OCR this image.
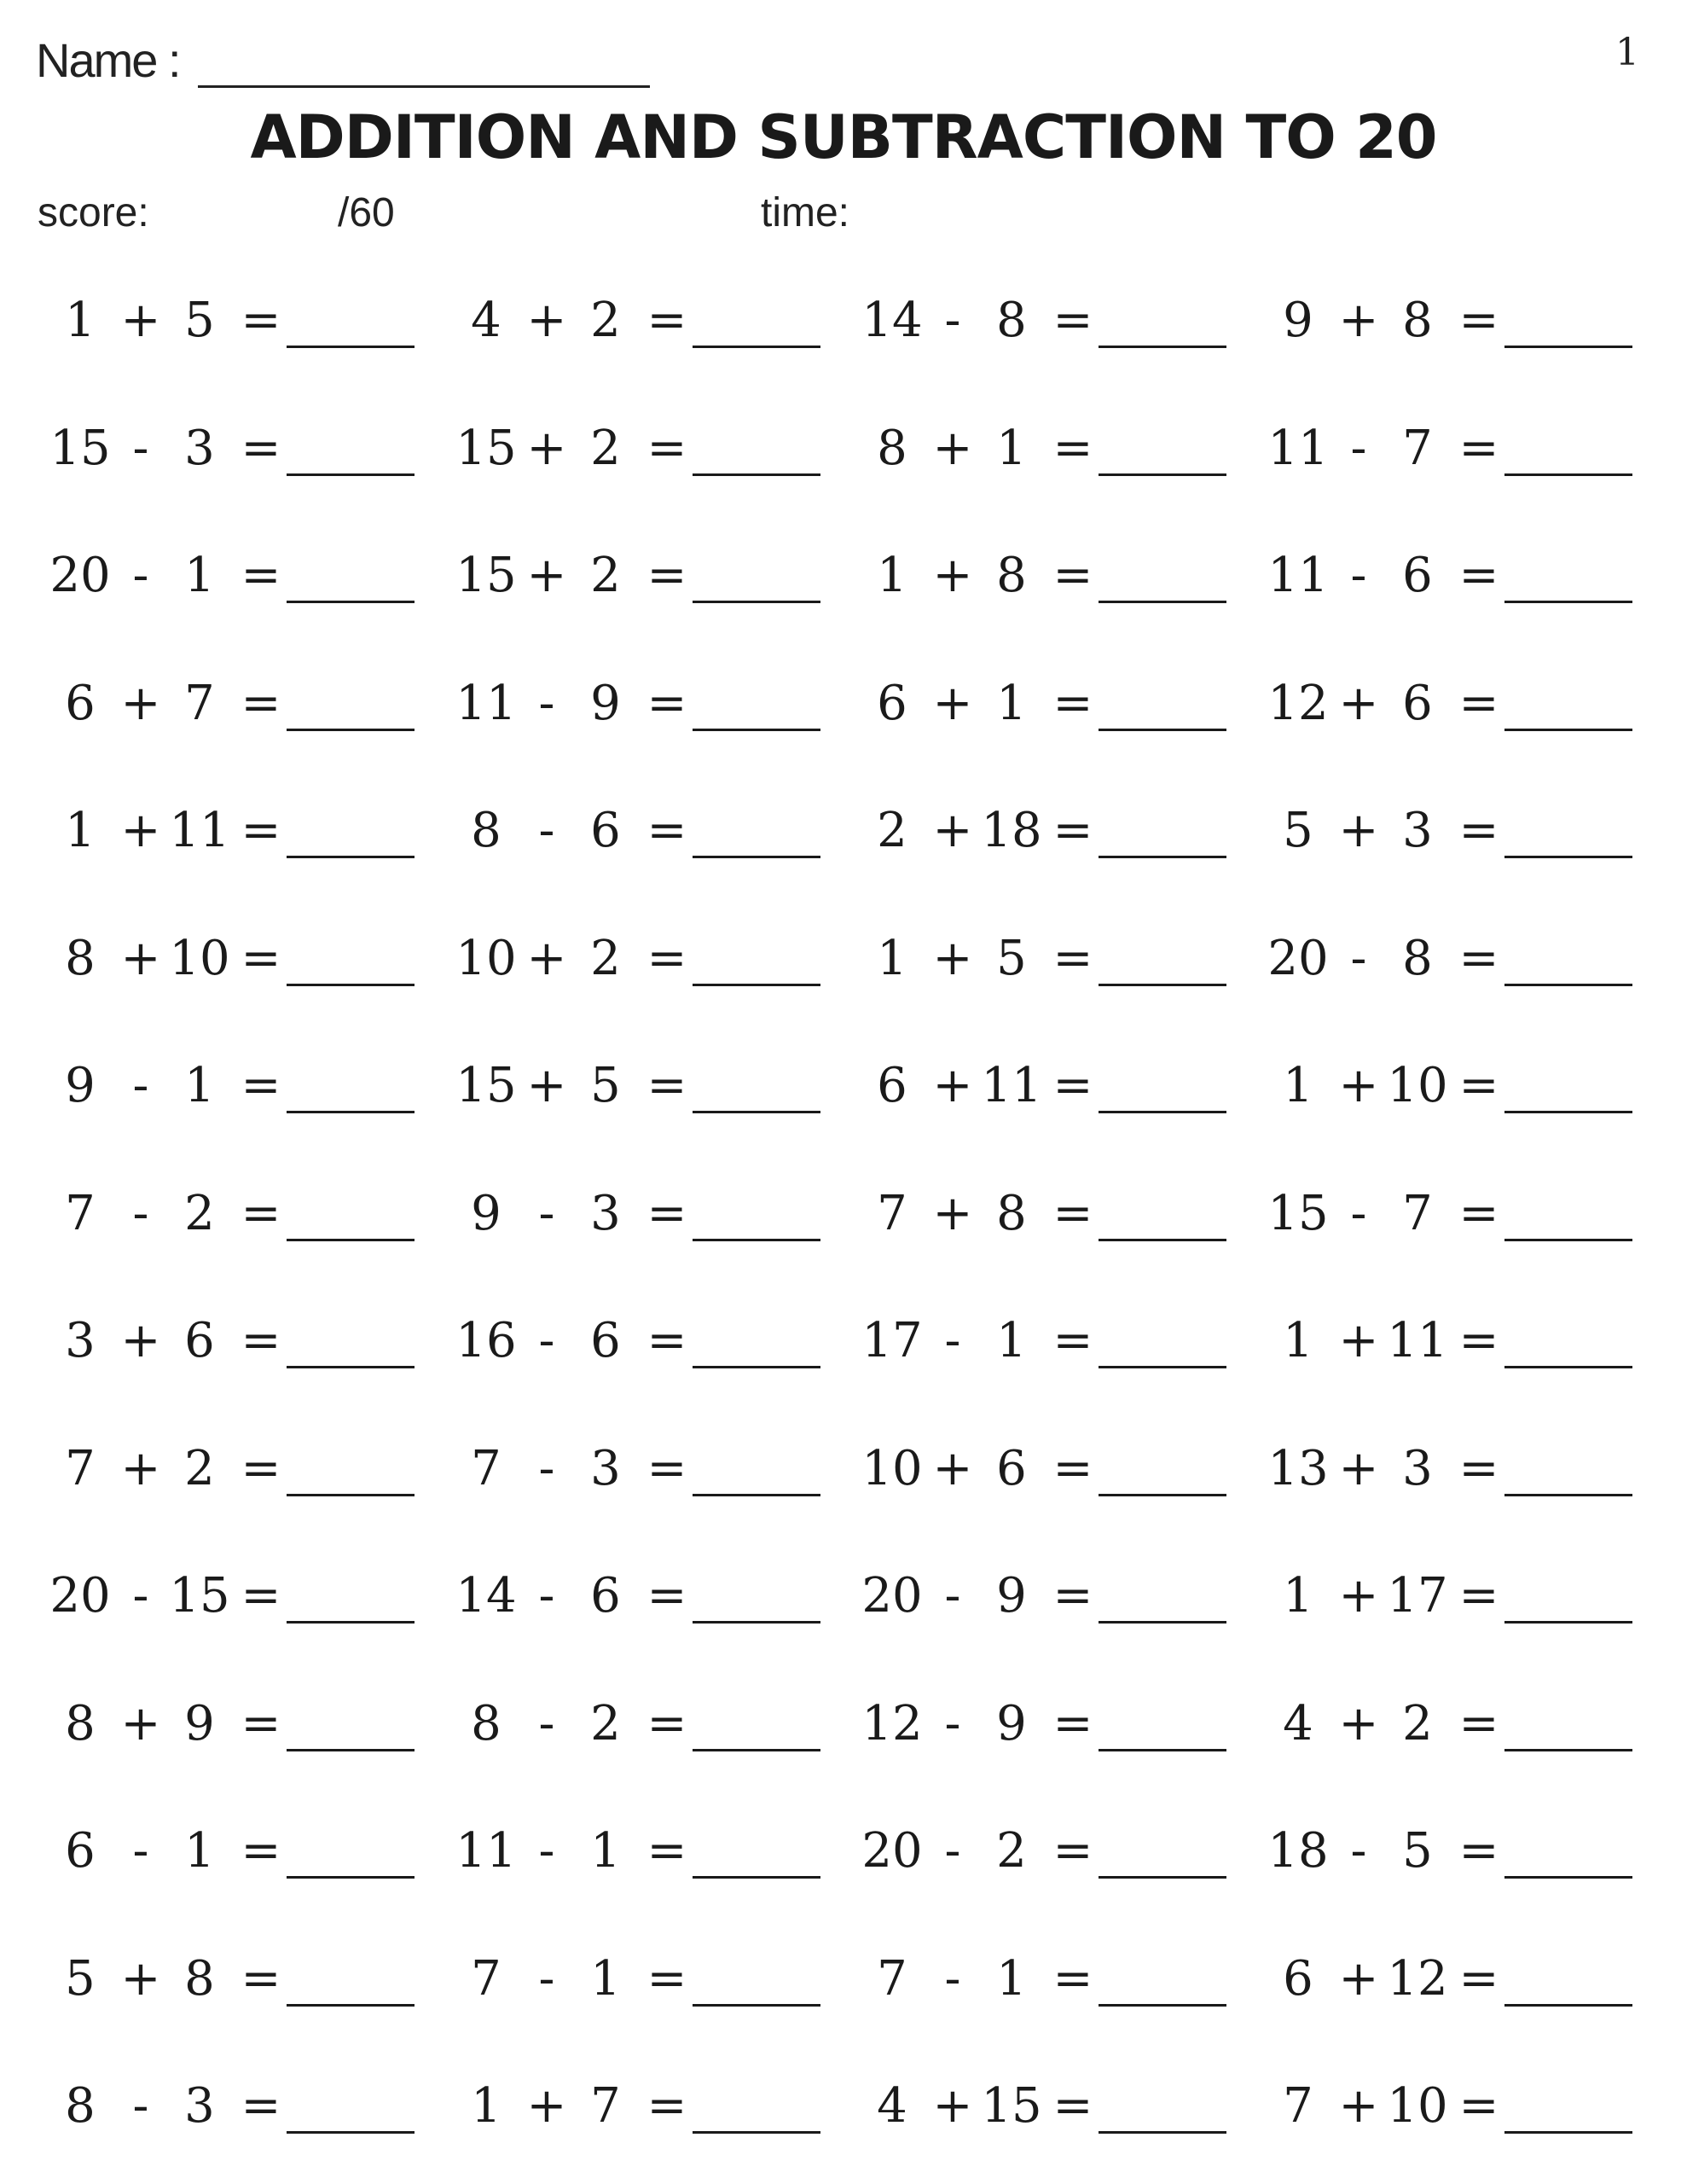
Name :	1
ADDITION AND SUBTRACTION TO 20
score:	/60	time:
1 + 5 =	4 + 2 =	14 - 8 =	9 + 8 =
15 - 3 =	15 + 2 =	8 + 1 =	11 - 7 =
20 - 1 =	15 + 2 =	1 + 8 =	11 - 6 =
6 + 7 =	11 - 9 =	6 + 1 =	12 + 6 =
1 + 11 =	8 - 6 =	2 + 18 =	5 + 3 =
8 + 10 =	10 + 2 =	1 + 5 =	20 - 8 =
9 - 1 =	15 + 5 =	6 + 11 =	1 + 10 =
7 - 2 =	9 - 3 =	7 + 8 =	15 - 7 =
3 + 6 =	16 - 6 =	17 - 1 =	1 + 11 =
7 + 2 =	7 - 3 =	10 + 6 =	13 + 3 =
20 - 15 =	14 - 6 =	20 - 9 =	1 + 17 =
8 + 9 =	8 - 2 =	12 - 9 =	4 + 2 =
6 - 1 =	11 - 1 =	20 - 2 =	18 - 5 =
5 + 8 =	7 - 1 =	7 - 1 =	6 + 12 =
8 - 3 =	1 + 7 =	4 + 15 =	7 + 10 =
